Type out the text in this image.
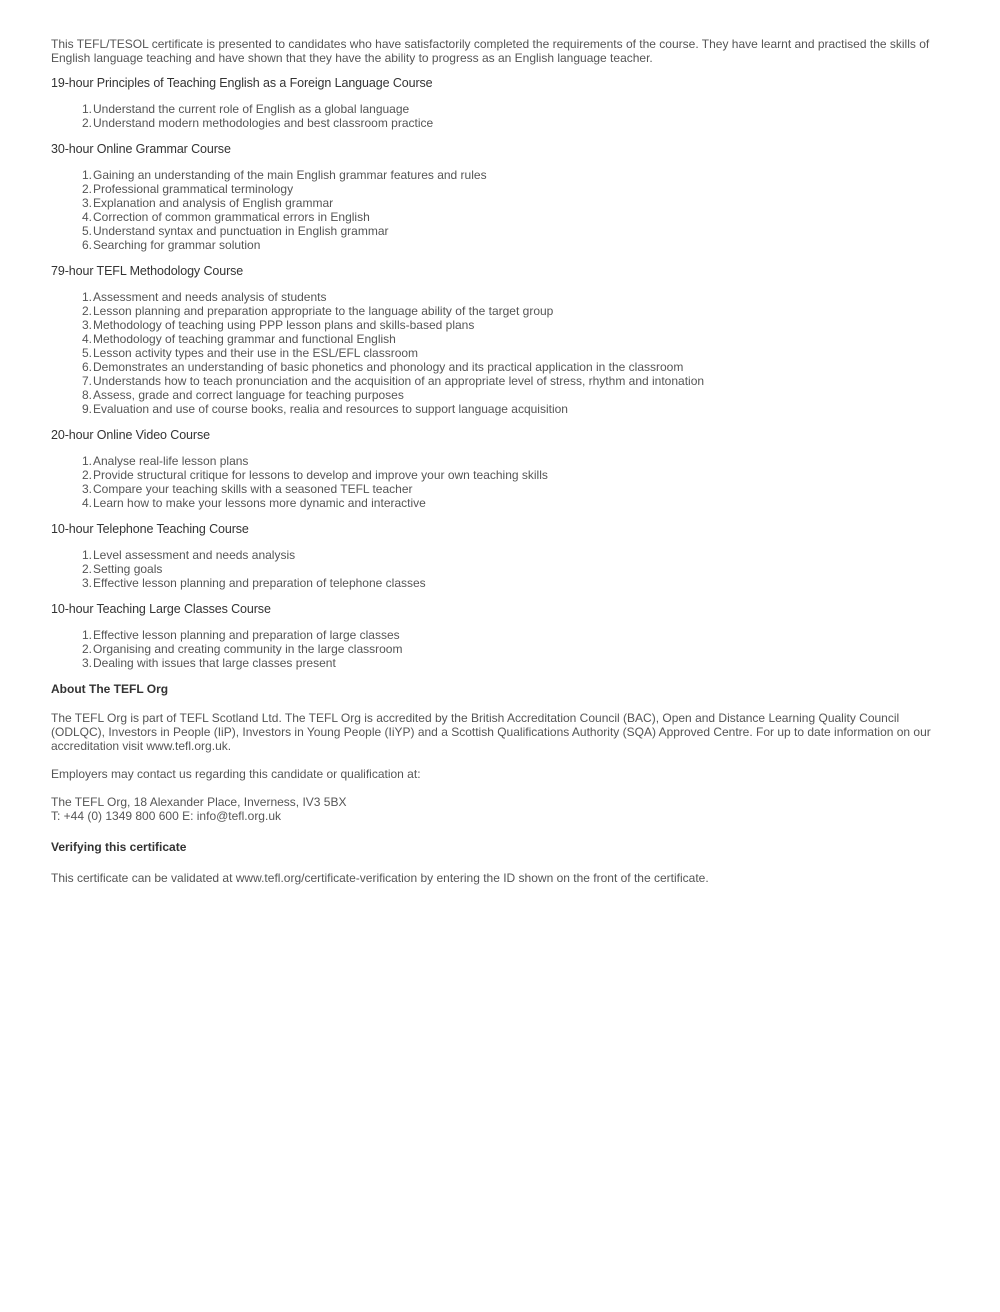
This TEFL/TESOL certificate is presented to candidates who have satisfactorily completed the requirements of the course. They have learnt and practised the skills of English language teaching and have shown that they have the ability to progress as an English language teacher.

19-hour Principles of Teaching English as a Foreign Language Course
1.Understand the current role of English as a global language
2.Understand modern methodologies and best classroom practice
30-hour Online Grammar Course
1.Gaining an understanding of the main English grammar features and rules
2.Professional grammatical terminology
3.Explanation and analysis of English grammar
4.Correction of common grammatical errors in English
5.Understand syntax and punctuation in English grammar
6.Searching for grammar solution
79-hour TEFL Methodology Course
1.Assessment and needs analysis of students
2.Lesson planning and preparation appropriate to the language ability of the target group
3.Methodology of teaching using PPP lesson plans and skills-based plans
4.Methodology of teaching grammar and functional English
5.Lesson activity types and their use in the ESL/EFL classroom
6.Demonstrates an understanding of basic phonetics and phonology and its practical application in the classroom
7.Understands how to teach pronunciation and the acquisition of an appropriate level of stress, rhythm and intonation
8.Assess, grade and correct language for teaching purposes
9.Evaluation and use of course books, realia and resources to support language acquisition
20-hour Online Video Course
1.Analyse real-life lesson plans
2.Provide structural critique for lessons to develop and improve your own teaching skills
3.Compare your teaching skills with a seasoned TEFL teacher
4.Learn how to make your lessons more dynamic and interactive
10-hour Telephone Teaching Course
1.Level assessment and needs analysis
2.Setting goals
3.Effective lesson planning and preparation of telephone classes
10-hour Teaching Large Classes Course
1.Effective lesson planning and preparation of large classes
2.Organising and creating community in the large classroom
3.Dealing with issues that large classes present
About The TEFL Org

The TEFL Org is part of TEFL Scotland Ltd. The TEFL Org is accredited by the British Accreditation Council (BAC), Open and Distance Learning Quality Council (ODLQC), Investors in People (IiP), Investors in Young People (IiYP) and a Scottish Qualifications Authority (SQA) Approved Centre. For up to date information on our accreditation visit www.tefl.org.uk.

Employers may contact us regarding this candidate or qualification at:

The TEFL Org, 18 Alexander Place, Inverness, IV3 5BX
T: +44 (0) 1349 800 600 E: info@tefl.org.uk
Verifying this certificate

This certificate can be validated at www.tefl.org/certificate-verification by entering the ID shown on the front of the certificate.
